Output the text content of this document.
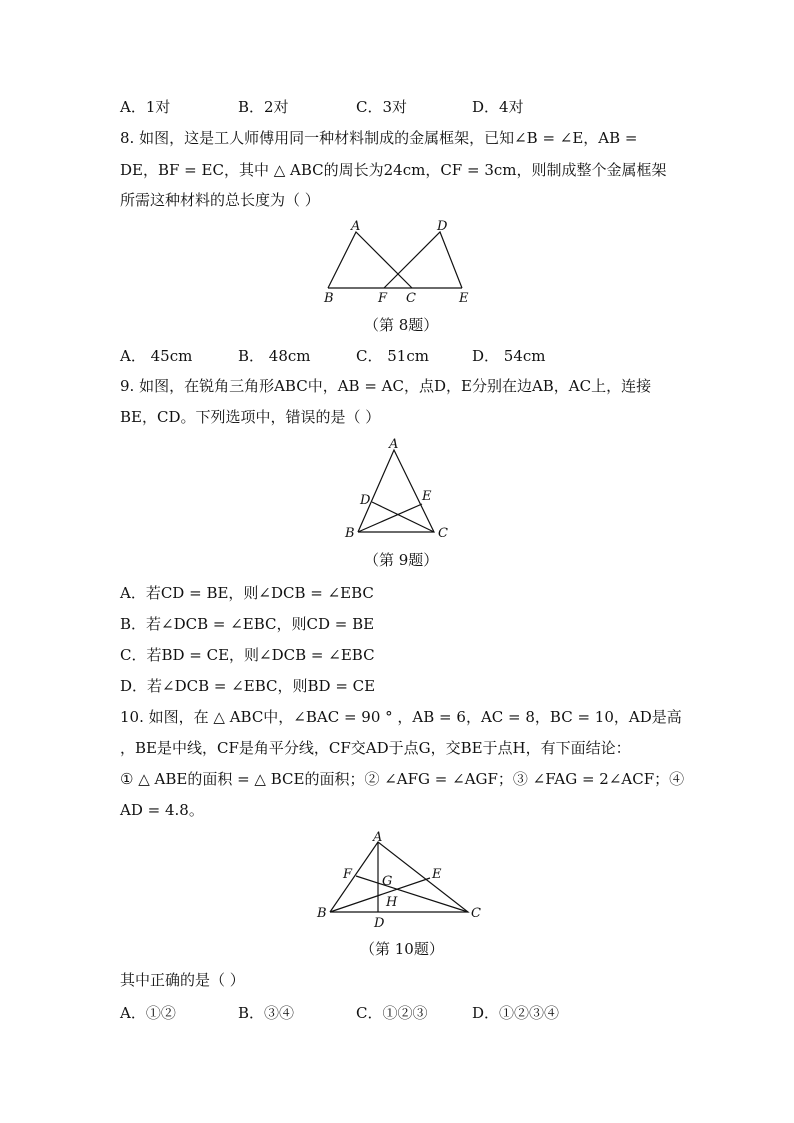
A．1对	B．2对	C．3对	D．4对
8. 如图，这是工人师傅用同一种材料制成的金属框架，已知∠B = ∠E，AB =
DE，BF = EC，其中 △ ABC的周长为24cm，CF = 3cm，则制成整个金属框架
所需这种材料的总长度为（ ）
A	D
B	F C	E
（第 8题）
A． 45cm	B． 48cm	C． 51cm	D． 54cm
9. 如图，在锐角三角形ABC中，AB = AC，点D，E分别在边AB，AC上，连接
BE，CD。下列选项中，错误的是（ ）
A
D	E
B	C
（第 9题）
A．若CD = BE，则∠DCB = ∠EBC
B．若∠DCB = ∠EBC，则CD = BE
C．若BD = CE，则∠DCB = ∠EBC
D．若∠DCB = ∠EBC，则BD = CE
10. 如图，在 △ ABC中，∠BAC = 90 ° ，AB = 6，AC = 8，BC = 10，AD是高
，BE是中线，CF是角平分线，CF交AD于点G，交BE于点H，有下面结论：
① △ ABE的面积 = △ BCE的面积；② ∠AFG = ∠AGF；③ ∠FAG = 2∠ACF；④
AD = 4.8。
A
F G	E
H
B
D
C
（第 10题）
其中正确的是（ ）
A．①②	B．③④	C．①②③	D．①②③④
